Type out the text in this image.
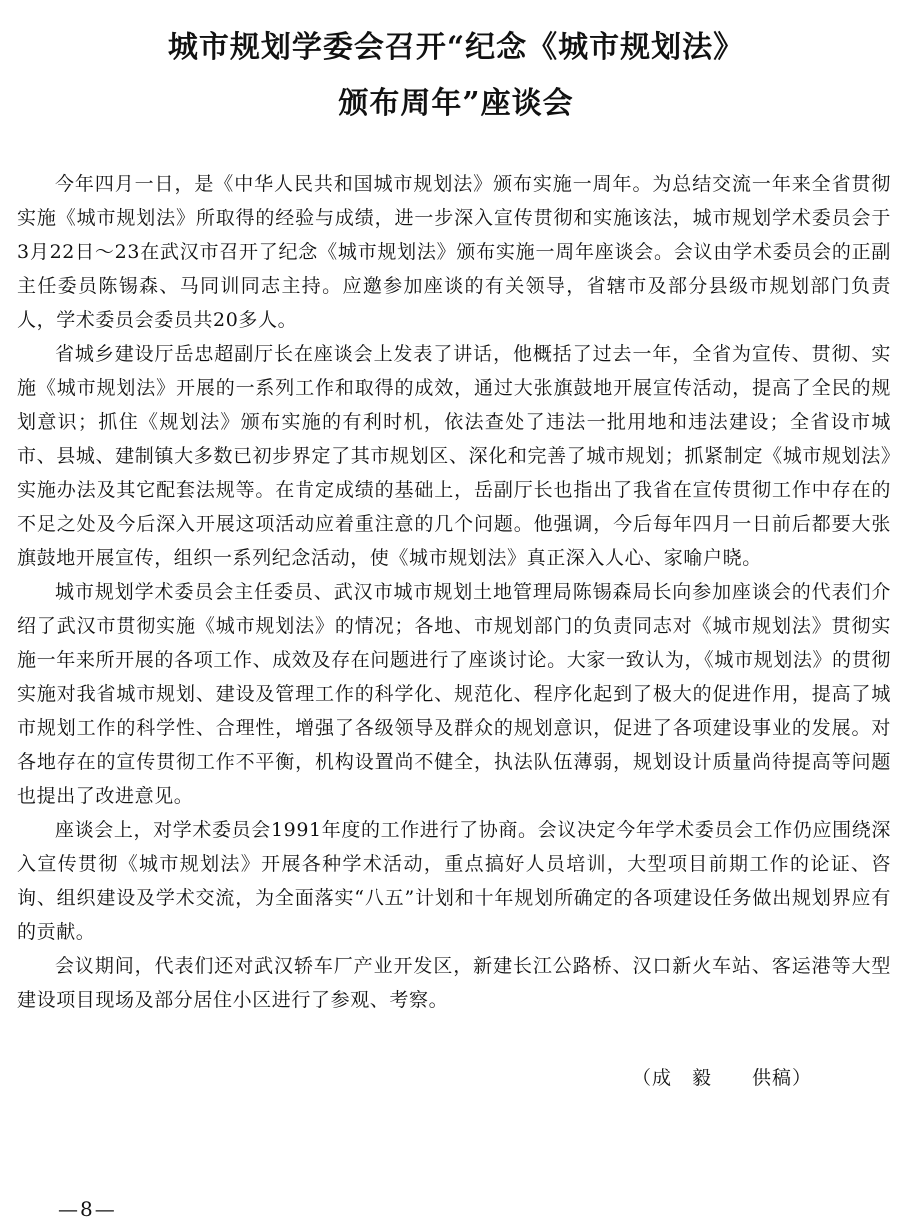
城市规划学委会召开“纪念《城市规划法》
颁布周年”座谈会

今年四月一日，是《中华人民共和国城市规划法》颁布实施一周年。为总结交流一年来全省贯彻实施《城市规划法》所取得的经验与成绩，进一步深入宣传贯彻和实施该法，城市规划学术委员会于3月22日～23在武汉市召开了纪念《城市规划法》颁布实施一周年座谈会。会议由学术委员会的正副主任委员陈锡森、马同训同志主持。应邀参加座谈的有关领导，省辖市及部分县级市规划部门负责人，学术委员会委员共20多人。

省城乡建设厅岳忠超副厅长在座谈会上发表了讲话，他概括了过去一年，全省为宣传、贯彻、实施《城市规划法》开展的一系列工作和取得的成效，通过大张旗鼓地开展宣传活动，提高了全民的规划意识；抓住《规划法》颁布实施的有利时机，依法查处了违法一批用地和违法建设；全省设市城市、县城、建制镇大多数已初步界定了其市规划区、深化和完善了城市规划；抓紧制定《城市规划法》实施办法及其它配套法规等。在肯定成绩的基础上，岳副厅长也指出了我省在宣传贯彻工作中存在的不足之处及今后深入开展这项活动应着重注意的几个问题。他强调，今后每年四月一日前后都要大张旗鼓地开展宣传，组织一系列纪念活动，使《城市规划法》真正深入人心、家喻户晓。

城市规划学术委员会主任委员、武汉市城市规划土地管理局陈锡森局长向参加座谈会的代表们介绍了武汉市贯彻实施《城市规划法》的情况；各地、市规划部门的负责同志对《城市规划法》贯彻实施一年来所开展的各项工作、成效及存在问题进行了座谈讨论。大家一致认为，《城市规划法》的贯彻实施对我省城市规划、建设及管理工作的科学化、规范化、程序化起到了极大的促进作用，提高了城市规划工作的科学性、合理性，增强了各级领导及群众的规划意识，促进了各项建设事业的发展。对各地存在的宣传贯彻工作不平衡，机构设置尚不健全，执法队伍薄弱，规划设计质量尚待提高等问题也提出了改进意见。

座谈会上，对学术委员会1991年度的工作进行了协商。会议决定今年学术委员会工作仍应围绕深入宣传贯彻《城市规划法》开展各种学术活动，重点搞好人员培训，大型项目前期工作的论证、咨询、组织建设及学术交流，为全面落实“八五”计划和十年规划所确定的各项建设任务做出规划界应有的贡献。

会议期间，代表们还对武汉轿车厂产业开发区，新建长江公路桥、汉口新火车站、客运港等大型建设项目现场及部分居住小区进行了参观、考察。

（成　毅　　供稿）
—8—
